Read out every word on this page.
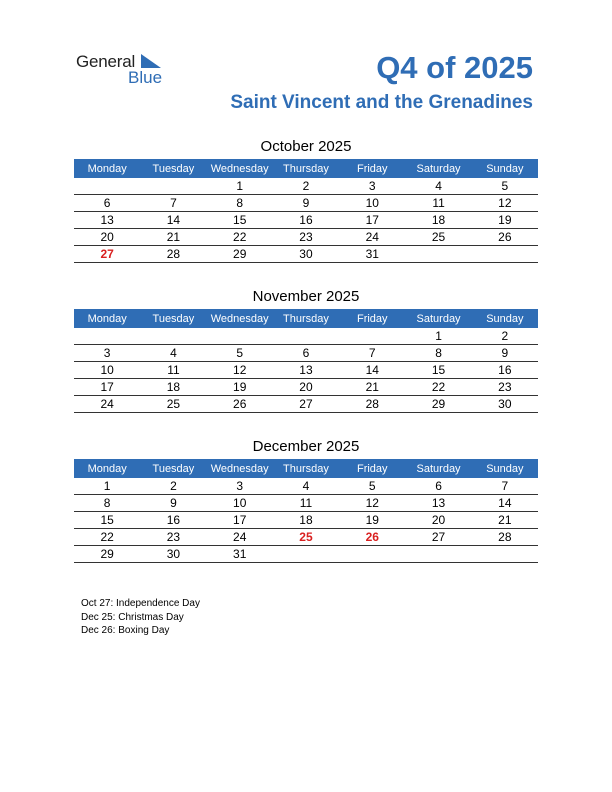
General
Blue	Q4 of 2025
Saint Vincent and the Grenadines
October 2025
Monday	Tuesday	Wednesday	Thursday	Friday	Saturday	Sunday
		1	2	3	4	5
6	7	8	9	10	11	12
13	14	15	16	17	18	19
20	21	22	23	24	25	26
27	28	29	30	31		
November 2025
Monday	Tuesday	Wednesday	Thursday	Friday	Saturday	Sunday
					1	2
3	4	5	6	7	8	9
10	11	12	13	14	15	16
17	18	19	20	21	22	23
24	25	26	27	28	29	30
December 2025
Monday	Tuesday	Wednesday	Thursday	Friday	Saturday	Sunday
1	2	3	4	5	6	7
8	9	10	11	12	13	14
15	16	17	18	19	20	21
22	23	24	25	26	27	28
29	30	31				
Oct 27: Independence Day
Dec 25: Christmas Day
Dec 26: Boxing Day
